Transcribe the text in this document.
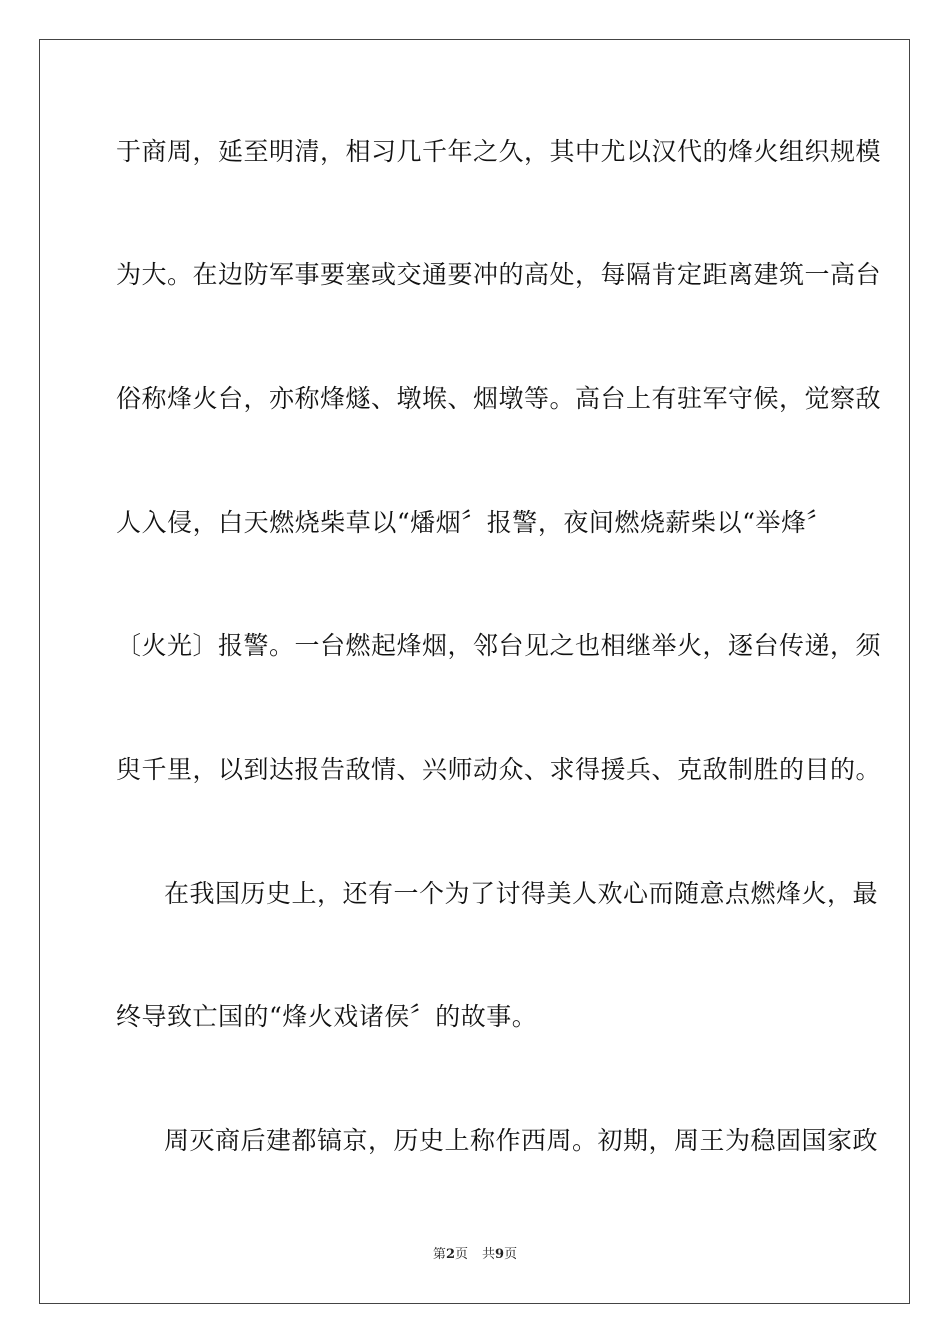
于商周，延至明清，相习几千年之久，其中尤以汉代的烽火组织规模
为大。在边防军事要塞或交通要冲的高处，每隔肯定距离建筑一高台
俗称烽火台，亦称烽燧、墩堠、烟墩等。高台上有驻军守候，觉察敌
人入侵，白天燃烧柴草以“燔烟〞报警，夜间燃烧薪柴以“举烽〞
〔火光〕报警。一台燃起烽烟，邻台见之也相继举火，逐台传递，须
臾千里，以到达报告敌情、兴师动众、求得援兵、克敌制胜的目的。
在我国历史上，还有一个为了讨得美人欢心而随意点燃烽火，最
终导致亡国的“烽火戏诸侯〞的故事。
周灭商后建都镐京，历史上称作西周。初期，周王为稳固国家政
第2页 共9页
